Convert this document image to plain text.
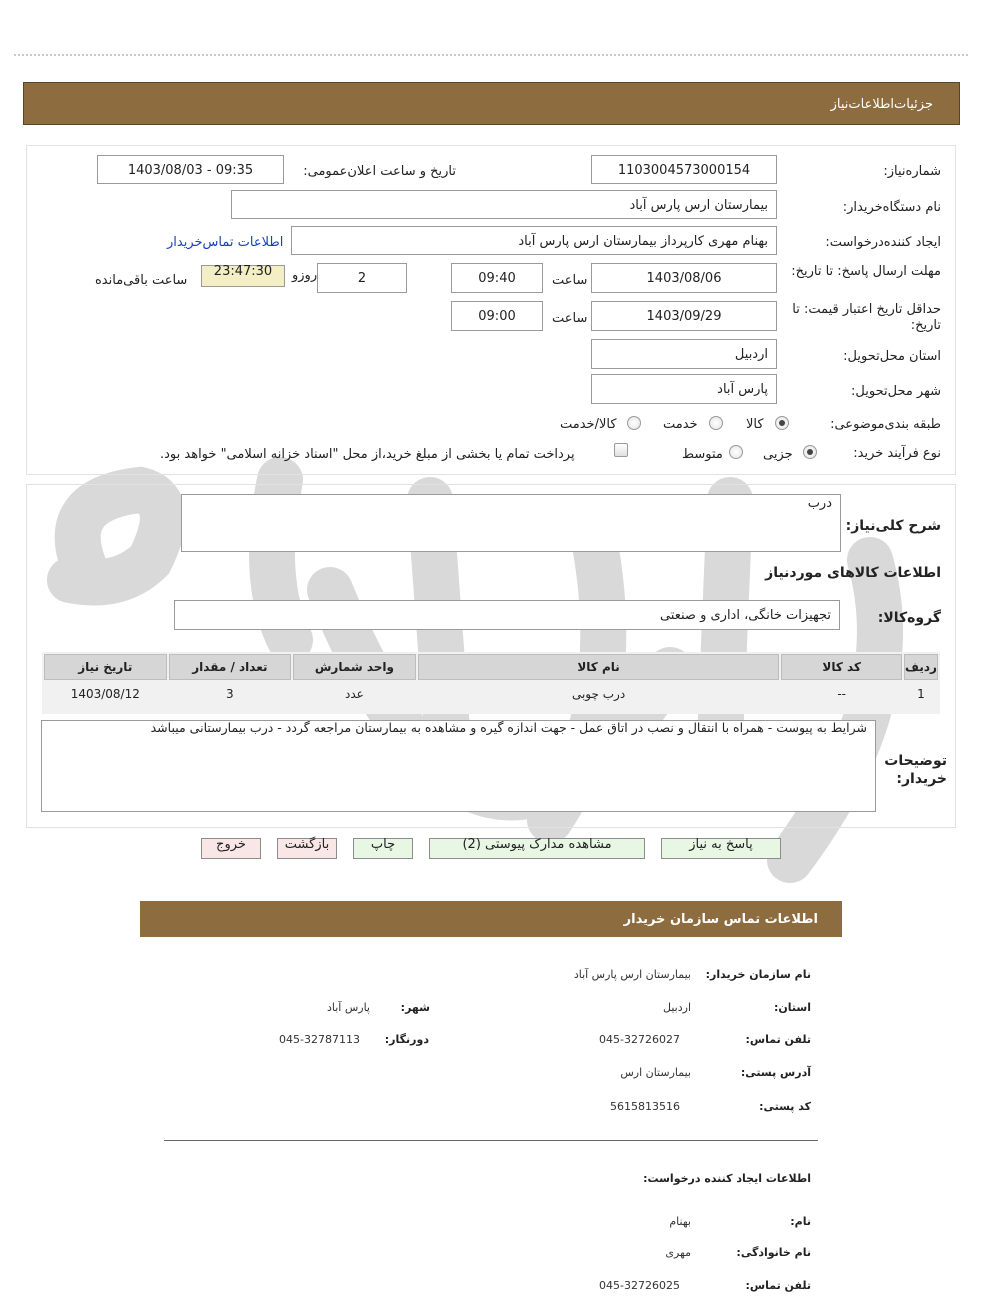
جزئیات‌اطلاعات‌نیاز
شماره‌نیاز:
1103004573000154
تاریخ و ساعت اعلان‌عمومی:
1403/08/03 - 09:35
نام دستگاه‌خریدار:
بیمارستان ارس پارس آباد
ایجاد کننده‌درخواست:
بهنام مهری کارپرداز بیمارستان ارس پارس آباد
اطلاعات تماس‌خریدار
مهلت ارسال پاسخ: تا تاریخ:
1403/08/06
ساعت
09:40
2
روزو
23:47:30
ساعت باقی‌مانده
حداقل تاریخ اعتبار قیمت: تا تاریخ:
1403/09/29
ساعت
09:00
استان محل‌تحویل:
اردبیل
شهر محل‌تحویل:
پارس آباد
طبقه بندی‌موضوعی:
کالا
خدمت
کالا/خدمت
نوع فرآیند خرید:
جزیی
متوسط
پرداخت تمام یا بخشی از مبلغ خرید،از محل "اسناد خزانه اسلامی" خواهد بود.
شرح کلی‌نیاز:
درب
اطلاعات کالاهای مورد‌نیاز
گروه‌کالا:
تجهیزات خانگی، اداری و صنعتی
ردیف	کد کالا	نام کالا	واحد شمارش	تعداد / مقدار	تاریخ نیاز
1	--	درب چوبی	عدد	3	1403/08/12
توضیحات خریدار:
شرایط به پیوست - همراه با انتقال و نصب در اتاق عمل - جهت اندازه گیره و مشاهده به بیمارستان مراجعه گردد - درب بیمارستانی میباشد
پاسخ به نیاز
مشاهده مدارک پیوستی (2)
چاپ
بازگشت
خروج
اطلاعات تماس سازمان خریدار
نام سازمان خریدار:
بیمارستان ارس پارس آباد
استان:
اردبیل
شهر:
پارس آباد
تلفن تماس:
045-32726027
دورنگار:
045-32787113
آدرس پستی:
بیمارستان ارس
کد پستی:
5615813516
اطلاعات ایجاد کننده درخواست:
نام:
بهنام
نام خانوادگی:
مهری
تلفن تماس:
045-32726025
